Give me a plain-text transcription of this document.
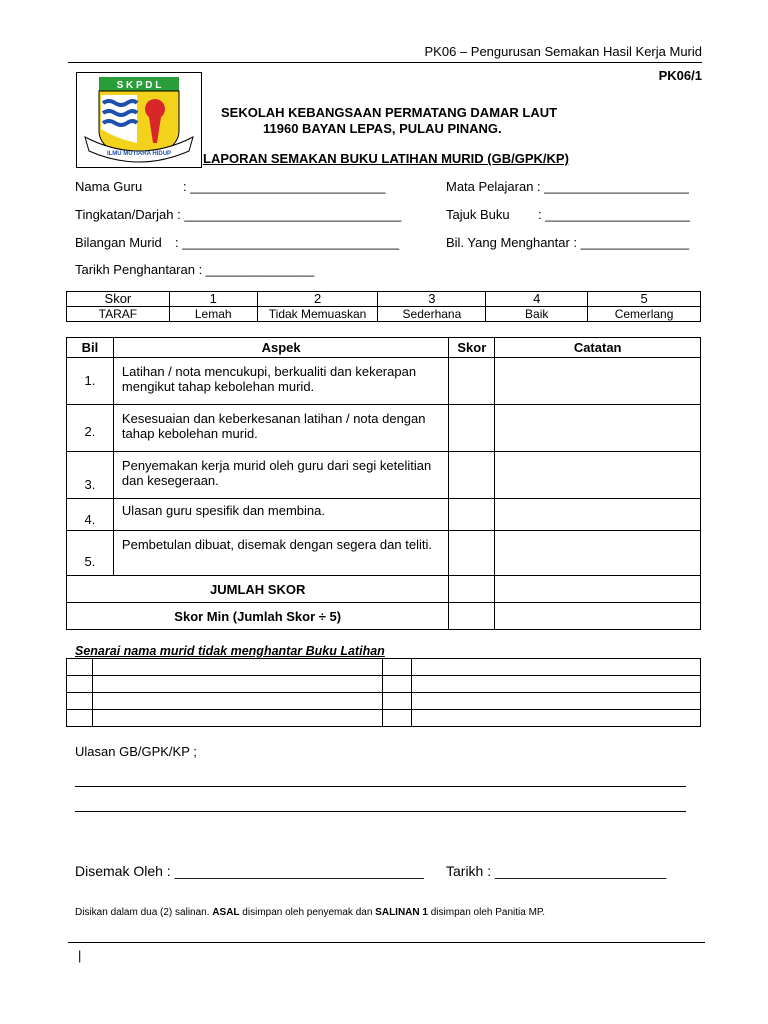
PK06 – Pengurusan Semakan Hasil Kerja Murid
PK06/1
S K P D L
ILMU MUTIARA HIDUP
SEKOLAH KEBANGSAAN PERMATANG DAMAR LAUT
11960 BAYAN LEPAS, PULAU PINANG.
LAPORAN SEMAKAN BUKU LATIHAN MURID (GB/GPK/KP)
Nama Guru	: ___________________________	Mata Pelajaran : ____________________
Tingkatan/Darjah : ______________________________	Tajuk Buku : ____________________
Bilangan Murid : ______________________________	Bil. Yang Menghantar : _______________
Tarikh Penghantaran : _______________
Skor	1	2	3	4	5
TARAF	Lemah	Tidak Memuaskan	Sederhana	Baik	Cemerlang
Bil	Aspek	Skor	Catatan
1.	Latihan / nota mencukupi, berkualiti dan kekerapan mengikut tahap kebolehan murid.		
2.	Kesesuaian dan keberkesanan latihan / nota dengan tahap kebolehan murid.		
3.	Penyemakan kerja murid oleh guru dari segi ketelitian dan kesegeraan.		
4.	Ulasan guru spesifik dan membina.		
5.	Pembetulan dibuat, disemak dengan segera dan teliti.		
JUMLAH SKOR			
Skor Min (Jumlah Skor ÷ 5)			
Senarai nama murid tidak menghantar Buku Latihan

Ulasan GB/GPK/KP ;
Disemak Oleh : ________________________________ Tarikh : ______________________
Disikan dalam dua (2) salinan. ASAL disimpan oleh penyemak dan SALINAN 1 disimpan oleh Panitia MP.
|
